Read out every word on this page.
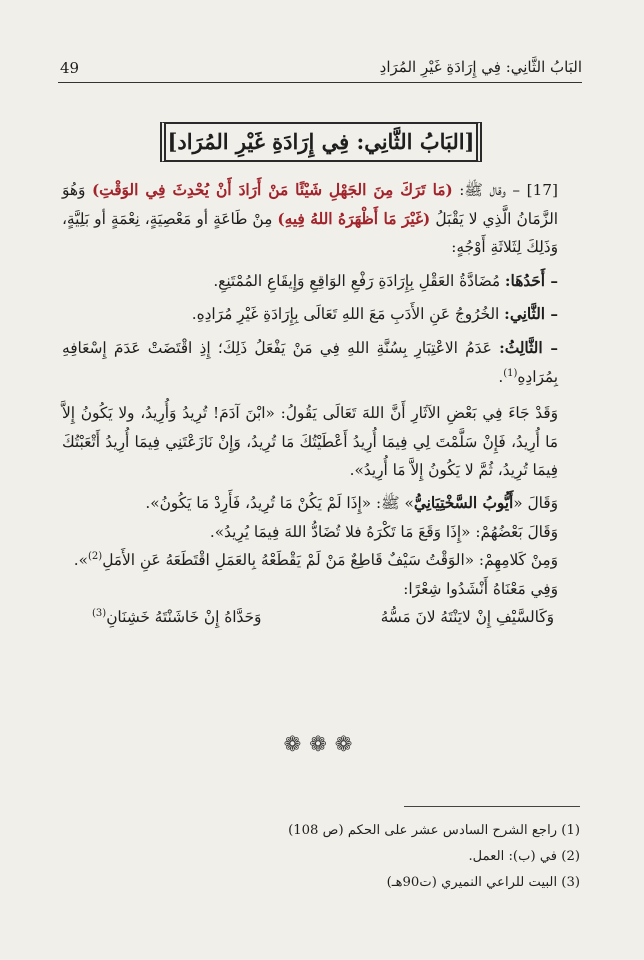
49	البَابُ الثَّانِي: فِي إِرَادَةِ غَيْرِ المُرَادِ
[البَابُ الثَّانِي: فِي إِرَادَةِ غَيْرِ المُرَاد]

[17] – وقال ﷺ: (مَا تَرَكَ مِنَ الجَهْلِ شَيْئًا مَنْ أَرَادَ أَنْ يُحْدِثَ فِي الوَقْتِ) وَهُوَ الزَّمَانُ الَّذِي لا يَقْبَلُ (غَيْرَ مَا أَظْهَرَهُ اللهُ فِيهِ) مِنْ طَاعَةٍ أو مَعْصِيَةٍ، نِعْمَةٍ أو بَلِيَّةٍ، وَذَلِكَ لِثَلاثَةِ أَوْجُهٍ:

– أَحَدُهَا: مُضَادَّةُ العَقْلِ بِإِرَادَةِ رَفْعِ الوَاقِعِ وَإِيقَاعِ المُمْتَنِعِ.

– الثَّانِي: الخُرُوجُ عَنِ الأَدَبِ مَعَ اللهِ تَعَالَى بِإِرَادَةِ غَيْرِ مُرَادِهِ.

– الثَّالِثُ: عَدَمُ الاعْتِبَارِ بِسُنَّةِ اللهِ فِي مَنْ يَفْعَلُ ذَلِكَ؛ إِذِ اقْتَضَتْ عَدَمَ إِسْعَافِهِ بِمُرَادِهِ$^{(1)}$.

وَقَدْ جَاءَ فِي بَعْضِ الآثَارِ أَنَّ اللهَ تَعَالَى يَقُولُ: «ابْنَ آدَمَ! تُرِيدُ وَأُرِيدُ، ولا يَكُونُ إِلاَّ مَا أُرِيدُ، فَإِنْ سَلَّمْتَ لِي فِيمَا أُرِيدُ أَعْطَيْتُكَ مَا تُرِيدُ، وَإِنْ نَازَعْتَنِي فِيمَا أُرِيدُ أَتْعَبْتُكَ فِيمَا تُرِيدُ، ثُمَّ لا يَكُونُ إِلاَّ مَا أُرِيدُ».

وَقَالَ «أَيُّوبُ السَّخْتِيَانِيُّ» ﷺ: «إِذَا لَمْ يَكُنْ مَا تُرِيدُ، فَأَرِدْ مَا يَكُونُ».

وَقَالَ بَعْضُهُمْ: «إِذَا وَقَعَ مَا تَكْرَهُ فلا تُضَادُّ اللهَ فِيمَا يُرِيدُ».

وَمِنْ كَلامِهِمْ: «الوَقْتُ سَيْفٌ قَاطِعٌ مَنْ لَمْ يَقْطَعْهُ بِالعَمَلِ اقْتَطَعَهُ عَنِ الأَمَلِ$^{(2)}$».

وَفِي مَعْنَاهُ أَنْشَدُوا شِعْرًا:

وَكَالسَّيْفِ إِنْ لايَنْتَهُ لانَ مَسُّهُ
وَحَدَّاهُ إِنْ خَاشَنْتَهُ خَشِنَانِ$^{(3)}$
❁❁❁

(1) راجع الشرح السادس عشر على الحكم (ص 108)

(2) في (ب): العمل.

(3) البيت للراعي النميري (ت90هـ)
